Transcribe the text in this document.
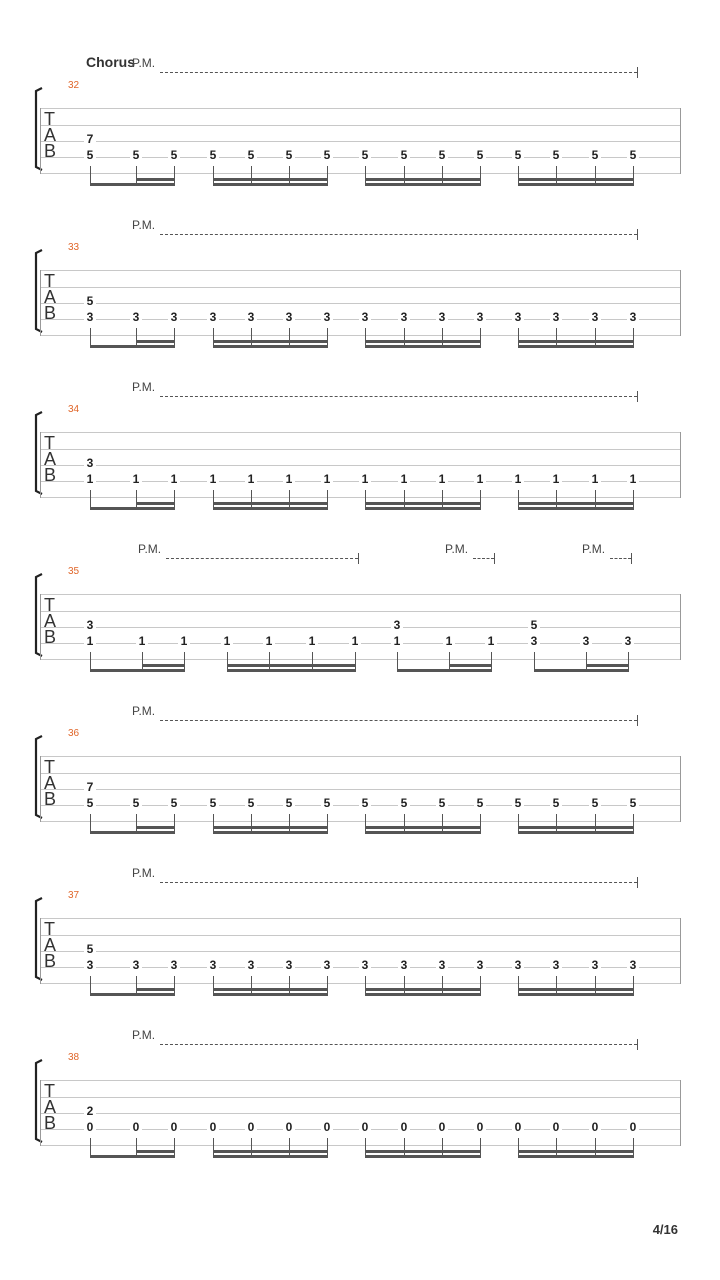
Chorus
P.M.
32
T
A
B
7
5	5	5	5	5	5	5	5	5	5	5	5	5	5	5
P.M.
33
T
A
B
5
3	3	3	3	3	3	3	3	3	3	3	3	3	3	3
P.M.
34
T
A
B
3
1	1	1	1	1	1	1	1	1	1	1	1	1	1	1
P.M.	P.M.	P.M.
35
T
A
B
3
1	1	1	1	1	1	1
3
1	1	1
5
3	3	3
P.M.
36
T
A
B
7
5	5	5	5	5	5	5	5	5	5	5	5	5	5	5
P.M.
37
T
A
B
5
3	3	3	3	3	3	3	3	3	3	3	3	3	3	3
P.M.
38
T
A
B
2
0	0	0	0	0	0	0	0	0	0	0	0	0	0	0
4/16
